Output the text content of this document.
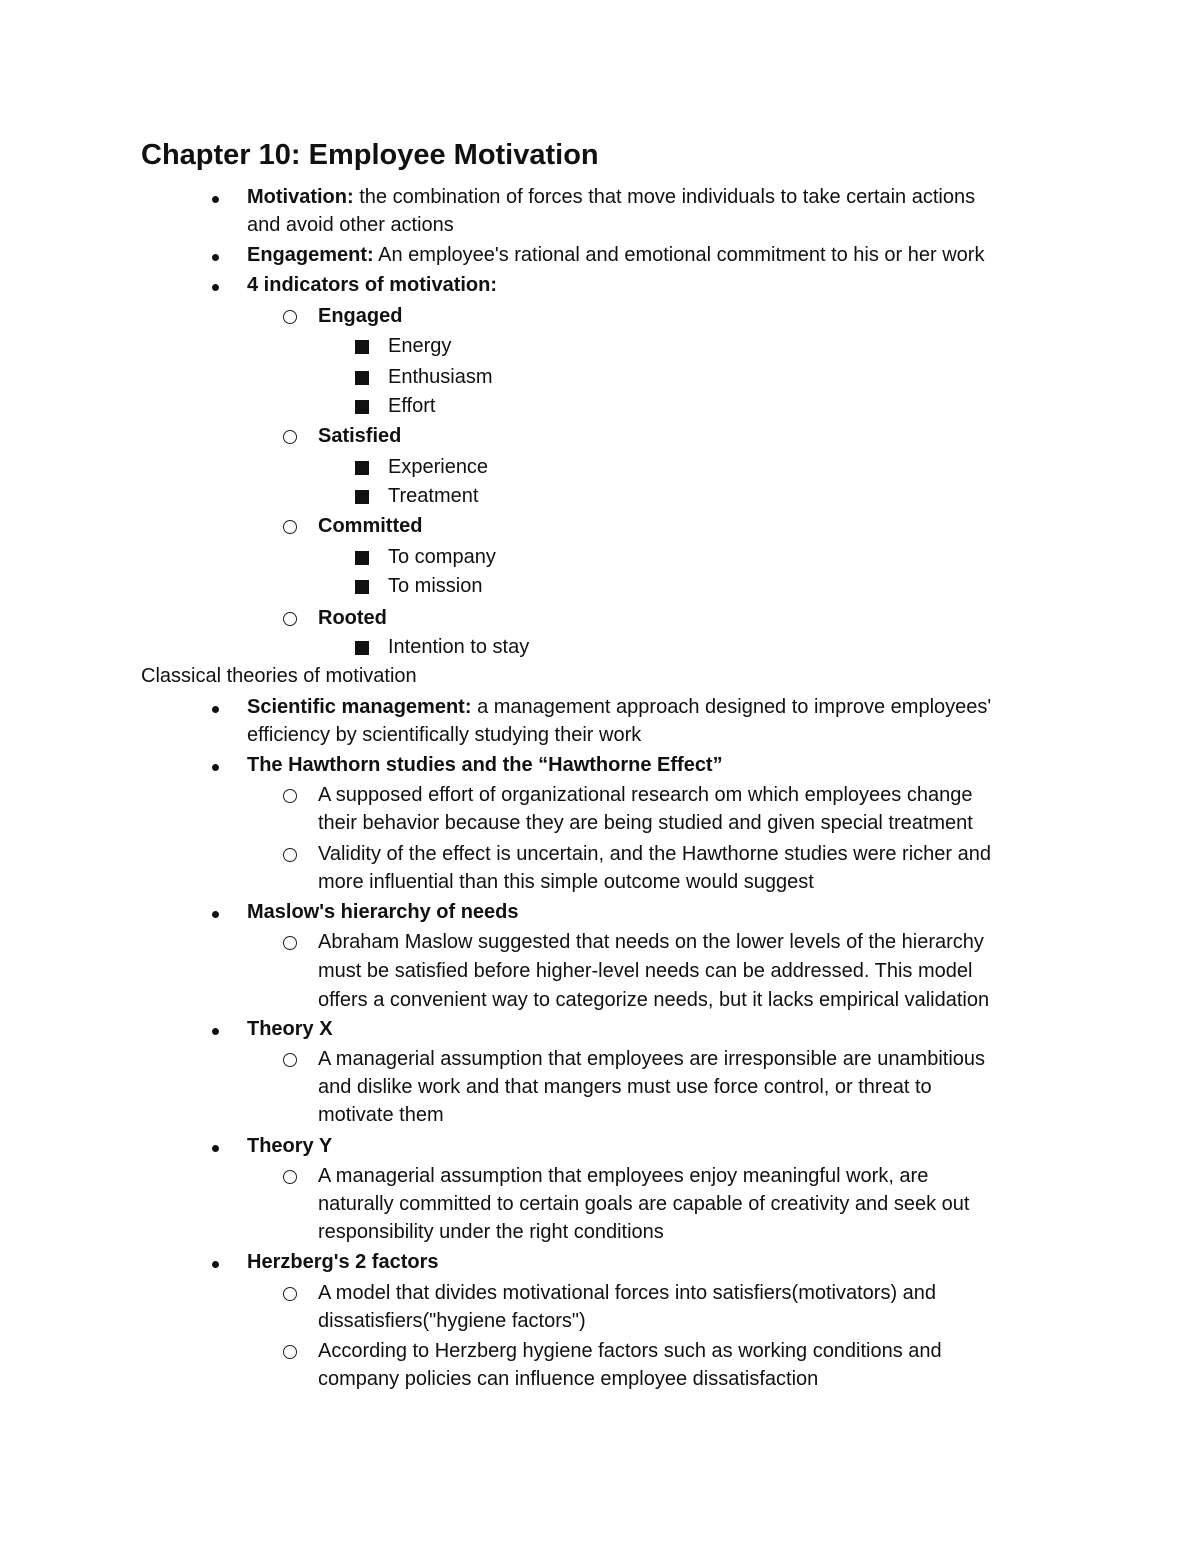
Chapter 10: Employee Motivation
Motivation: the combination of forces that move individuals to take certain actions
and avoid other actions
Engagement: An employee's rational and emotional commitment to his or her work
4 indicators of motivation:
Engaged
Energy
Enthusiasm
Effort
Satisfied
Experience
Treatment
Committed
To company
To mission
Rooted
Intention to stay
Classical theories of motivation
Scientific management: a management approach designed to improve employees'
efficiency by scientifically studying their work
The Hawthorn studies and the “Hawthorne Effect”
A supposed effort of organizational research om which employees change
their behavior because they are being studied and given special treatment
Validity of the effect is uncertain, and the Hawthorne studies were richer and
more influential than this simple outcome would suggest
Maslow's hierarchy of needs
Abraham Maslow suggested that needs on the lower levels of the hierarchy
must be satisfied before higher-level needs can be addressed. This model
offers a convenient way to categorize needs, but it lacks empirical validation
Theory X
A managerial assumption that employees are irresponsible are unambitious
and dislike work and that mangers must use force control, or threat to
motivate them
Theory Y
A managerial assumption that employees enjoy meaningful work, are
naturally committed to certain goals are capable of creativity and seek out
responsibility under the right conditions
Herzberg's 2 factors
A model that divides motivational forces into satisfiers(motivators) and
dissatisfiers("hygiene factors")
According to Herzberg hygiene factors such as working conditions and
company policies can influence employee dissatisfaction
